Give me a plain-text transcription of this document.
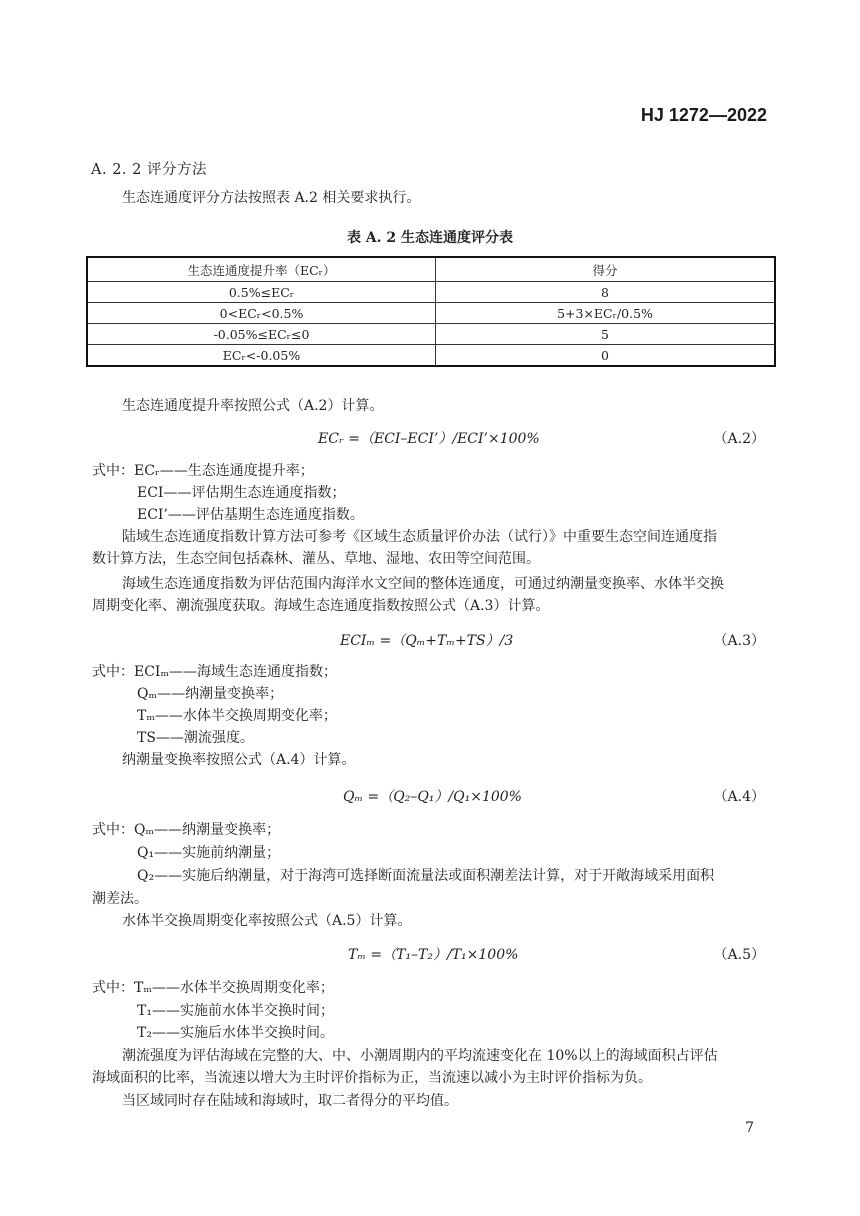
HJ 1272—2022
A. 2. 2 评分方法
生态连通度评分方法按照表 A.2 相关要求执行。
表 A. 2 生态连通度评分表
生态连通度提升率（ECᵣ）	得分
0.5%≤ECᵣ	8
0<ECᵣ<0.5%	5+3×ECᵣ/0.5%
-0.05%≤ECᵣ≤0	5
ECᵣ<-0.05%	0
生态连通度提升率按照公式（A.2）计算。
ECᵣ =（ECI–ECI’）/ECI’×100%	（A.2）
式中：ECᵣ——生态连通度提升率；
ECI——评估期生态连通度指数；
ECI’——评估基期生态连通度指数。
陆域生态连通度指数计算方法可参考《区域生态质量评价办法（试行）》中重要生态空间连通度指
数计算方法，生态空间包括森林、灌丛、草地、湿地、农田等空间范围。
海域生态连通度指数为评估范围内海洋水文空间的整体连通度，可通过纳潮量变换率、水体半交换
周期变化率、潮流强度获取。海域生态连通度指数按照公式（A.3）计算。
ECIₘ =（Qₘ+Tₘ+TS）/3	（A.3）
式中：ECIₘ——海域生态连通度指数；
Qₘ——纳潮量变换率；
Tₘ——水体半交换周期变化率；
TS——潮流强度。
纳潮量变换率按照公式（A.4）计算。
Qₘ =（Q₂–Q₁）/Q₁×100%	（A.4）
式中：Qₘ——纳潮量变换率；
Q₁——实施前纳潮量；
Q₂——实施后纳潮量，对于海湾可选择断面流量法或面积潮差法计算，对于开敞海域采用面积
潮差法。
水体半交换周期变化率按照公式（A.5）计算。
Tₘ =（T₁–T₂）/T₁×100%	（A.5）
式中：Tₘ——水体半交换周期变化率；
T₁——实施前水体半交换时间；
T₂——实施后水体半交换时间。
潮流强度为评估海域在完整的大、中、小潮周期内的平均流速变化在 10%以上的海域面积占评估
海域面积的比率，当流速以增大为主时评价指标为正，当流速以减小为主时评价指标为负。
当区域同时存在陆域和海域时，取二者得分的平均值。
7
